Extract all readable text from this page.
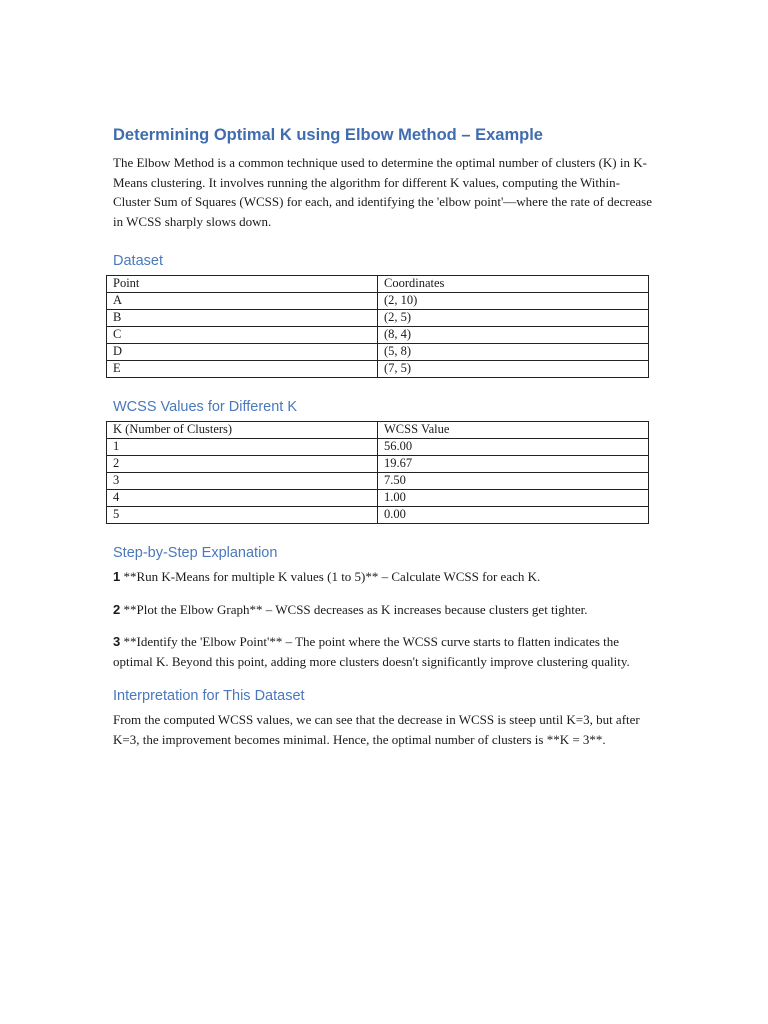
Determining Optimal K using Elbow Method – Example

The Elbow Method is a common technique used to determine the optimal number of clusters (K) in K-Means clustering. It involves running the algorithm for different K values, computing the Within-Cluster Sum of Squares (WCSS) for each, and identifying the 'elbow point'—where the rate of decrease in WCSS sharply slows down.

Dataset
Point	Coordinates
A	(2, 10)
B	(2, 5)
C	(8, 4)
D	(5, 8)
E	(7, 5)
WCSS Values for Different K
K (Number of Clusters)	WCSS Value
1	56.00
2	19.67
3	7.50
4	1.00
5	0.00
Step-by-Step Explanation

1 **Run K-Means for multiple K values (1 to 5)** – Calculate WCSS for each K.

2 **Plot the Elbow Graph** – WCSS decreases as K increases because clusters get tighter.

3 **Identify the 'Elbow Point'** – The point where the WCSS curve starts to flatten indicates the optimal K. Beyond this point, adding more clusters doesn't significantly improve clustering quality.

Interpretation for This Dataset

From the computed WCSS values, we can see that the decrease in WCSS is steep until K=3, but after K=3, the improvement becomes minimal. Hence, the optimal number of clusters is **K = 3**.
